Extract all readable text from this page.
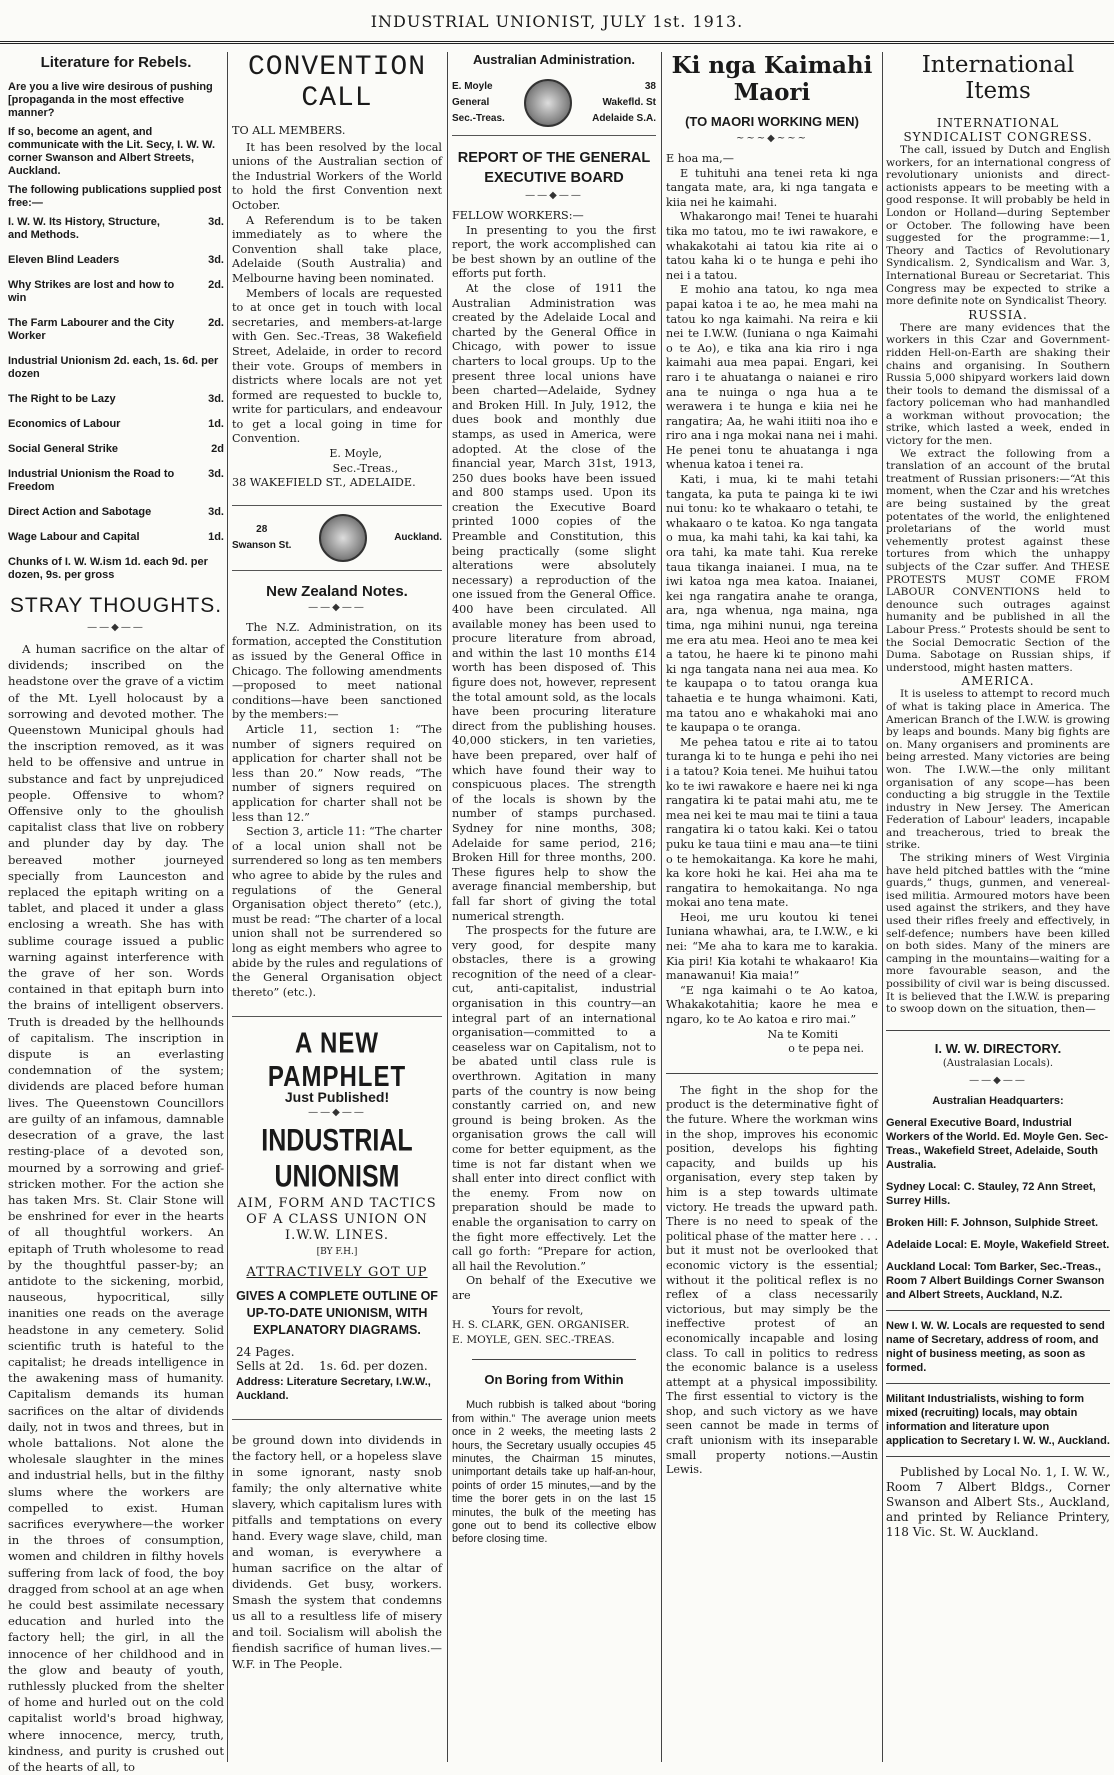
INDUSTRIAL UNIONIST, JULY 1st. 1913.
Literature for Rebels.

Are you a live wire desirous of pushing [propaganda in the most effective manner?

If so, become an agent, and communicate with the Lit. Secy, I. W. W. corner Swanson and Albert Streets, Auckland.

The following publications supplied post free:—

I. W. W. Its History, Structure, and Methods.
3d.
Eleven Blind Leaders	3d.
Why Strikes are lost and how to win
2d.
The Farm Labourer and the City Worker
2d.
Industrial Unionism 2d. each, 1s. 6d. per dozen
The Right to be Lazy	3d.
Economics of Labour	1d.
Social General Strike	2d
Industrial Unionism the Road to Freedom
3d.
Direct Action and Sabotage	3d.
Wage Labour and Capital	1d.
Chunks of I. W. W.ism 1d. each 9d. per dozen, 9s. per gross
STRAY THOUGHTS.
——◆——

A human sacrifice on the altar of dividends; inscribed on the headstone over the grave of a victim of the Mt. Lyell holocaust by a sorrowing and devoted mother. The Queenstown Municipal ghouls had the inscription removed, as it was held to be offensive and untrue in substance and fact by unprejudiced people. Offensive to whom? Offensive only to the ghoulish capitalist class that live on robbery and plunder day by day. The bereaved mother journeyed specially from Launceston and replaced the epitaph writing on a tablet, and placed it under a glass enclosing a wreath. She has with sublime courage issued a public warning against interference with the grave of her son. Words contained in that epitaph burn into the brains of intelligent observers. Truth is dreaded by the hellhounds of capitalism. The inscription in dispute is an everlasting condemnation of the system; dividends are placed before human lives. The Queenstown Councillors are guilty of an infamous, damnable desecration of a grave, the last resting-place of a devoted son, mourned by a sorrowing and grief-stricken mother. For the action she has taken Mrs. St. Clair Stone will be enshrined for ever in the hearts of all thoughtful workers. An epitaph of Truth wholesome to read by the thoughtful passer-by; an antidote to the sickening, morbid, nauseous, hypocritical, silly inanities one reads on the average headstone in any cemetery. Solid scientific truth is hateful to the capitalist; he dreads intelligence in the awakening mass of humanity. Capitalism demands its human sacrifices on the altar of dividends daily, not in twos and threes, but in whole battalions. Not alone the wholesale slaughter in the mines and industrial hells, but in the filthy slums where the workers are compelled to exist. Human sacrifices everywhere—the worker in the throes of consumption, women and children in filthy hovels suffering from lack of food, the boy dragged from school at an age when he could best assimilate necessary education and hurled into the factory hell; the girl, in all the innocence of her childhood and in the glow and beauty of youth, ruthlessly plucked from the shelter of home and hurled out on the cold capitalist world's broad highway, where innocence, mercy, truth, kindness, and purity is crushed out of the hearts of all, to

CONVENTION CALL

TO ALL MEMBERS.

It has been resolved by the local unions of the Australian section of the Industrial Workers of the World to hold the first Convention next October.

A Referendum is to be taken immediately as to where the Convention shall take place, Adelaide (South Australia) and Melbourne having been nominated.

Members of locals are requested to at once get in touch with local secretaries, and members-at-large with Gen. Sec.-Treas, 38 Wakefield Street, Adelaide, in order to record their vote. Groups of members in districts where locals are not yet formed are requested to buckle to, write for particulars, and endeavour to get a local going in time for Convention.

E. Moyle,

Sec.-Treas.,

38 WAKEFIELD ST., ADELAIDE.

28
Swanson St.
Auckland.
New Zealand Notes.
——◆——

The N.Z. Administration, on its formation, accepted the Constitution as issued by the General Office in Chicago. The following amendments—proposed to meet national conditions—have been sanctioned by the members:—

Article 11, section 1: “The number of signers required on application for charter shall not be less than 20.” Now reads, “The number of signers required on application for charter shall not be less than 12.”

Section 3, article 11: “The charter of a local union shall not be surrendered so long as ten members who agree to abide by the rules and regulations of the General Organisation object thereto” (etc.), must be read: “The charter of a local union shall not be surrendered so long as eight members who agree to abide by the rules and regulations of the General Organisation object thereto” (etc.).

A NEW PAMPHLET
Just Published!
——◆——
INDUSTRIAL UNIONISM
AIM, FORM AND TACTICS OF A CLASS UNION ON I.W.W. LINES.
[BY F.H.]
ATTRACTIVELY GOT UP
GIVES A COMPLETE OUTLINE OF UP-TO-DATE UNIONISM, WITH EXPLANATORY DIAGRAMS.
24 Pages.
Sells at 2d.    1s. 6d. per dozen.
Address: Literature Secretary, I.W.W., Auckland.

be ground down into dividends in the factory hell, or a hopeless slave in some ignorant, nasty snob family; the only alternative white slavery, which capitalism lures with pitfalls and temptations on every hand. Every wage slave, child, man and woman, is everywhere a human sacrifice on the altar of dividends. Get busy, workers. Smash the system that condemns us all to a resultless life of misery and toil. Socialism will abolish the fiendish sacrifice of human lives.—W.F. in The People.

Australian Administration.
E. Moyle
General
Sec.-Treas.
38
Wakefld. St
Adelaide S.A.
REPORT OF THE GENERAL EXECUTIVE BOARD
——◆——

FELLOW WORKERS:—

In presenting to you the first report, the work accomplished can be best shown by an outline of the efforts put forth.

At the close of 1911 the Australian Administration was created by the Adelaide Local and charted by the General Office in Chicago, with power to issue charters to local groups. Up to the present three local unions have been charted—Adelaide, Sydney and Broken Hill. In July, 1912, the dues book and monthly due stamps, as used in America, were adopted. At the close of the financial year, March 31st, 1913, 250 dues books have been issued and 800 stamps used. Upon its creation the Executive Board printed 1000 copies of the Preamble and Constitution, this being practically (some slight alterations were absolutely necessary) a reproduction of the one issued from the General Office. 400 have been circulated. All available money has been used to procure literature from abroad, and within the last 10 months £14 worth has been disposed of. This figure does not, however, represent the total amount sold, as the locals have been procuring literature direct from the publishing houses. 40,000 stickers, in ten varieties, have been prepared, over half of which have found their way to conspicuous places. The strength of the locals is shown by the number of stamps purchased. Sydney for nine months, 308; Adelaide for same period, 216; Broken Hill for three months, 200. These figures help to show the average financial membership, but fall far short of giving the total numerical strength.

The prospects for the future are very good, for despite many obstacles, there is a growing recognition of the need of a clear-cut, anti-capitalist, industrial organisation in this country—an integral part of an international organisation—committed to a ceaseless war on Capitalism, not to be abated until class rule is overthrown. Agitation in many parts of the country is now being constantly carried on, and new ground is being broken. As the organisation grows the call will come for better equipment, as the time is not far distant when we shall enter into direct conflict with the enemy. From now on preparation should be made to enable the organisation to carry on the fight more effectively. Let the call go forth: “Prepare for action, all hail the Revolution.”

On behalf of the Executive we are

Yours for revolt,

H. S. CLARK, GEN. ORGANISER.

E. MOYLE, GEN. SEC.-TREAS.

On Boring from Within

Much rubbish is talked about “boring from within.” The average union meets once in 2 weeks, the meeting lasts 2 hours, the Secretary usually occupies 45 minutes, the Chairman 15 minutes, unimportant details take up half-an-hour, points of order 15 minutes,—and by the time the borer gets in on the last 15 minutes, the bulk of the meeting has gone out to bend its collective elbow before closing time.

Ki nga Kaimahi Maori
(TO MAORI WORKING MEN)
~~~◆~~~

E hoa ma,—

E tuhituhi ana tenei reta ki nga tangata mate, ara, ki nga tangata e kiia nei he kaimahi.

Whakarongo mai! Tenei te huarahi tika mo tatou, mo te iwi rawakore, e whakakotahi ai tatou kia rite ai o tatou kaha ki o te hunga e pehi iho nei i a tatou.

E mohio ana tatou, ko nga mea papai katoa i te ao, he mea mahi na tatou ko nga kaimahi. Na reira e kii nei te I.W.W. (Iuniana o nga Kaimahi o te Ao), e tika ana kia riro i nga kaimahi aua mea papai. Engari, kei raro i te ahuatanga o naianei e riro ana te nuinga o nga hua a te werawera i te hunga e kiia nei he rangatira; Aa, he wahi itiiti noa iho e riro ana i nga mokai nana nei i mahi. He penei tonu te ahuatanga i nga whenua katoa i tenei ra.

Kati, i mua, ki te mahi tetahi tangata, ka puta te painga ki te iwi nui tonu: ko te whakaaro o tetahi, te whakaaro o te katoa. Ko nga tangata o mua, ka mahi tahi, ka kai tahi, ka ora tahi, ka mate tahi. Kua rereke taua tikanga inaianei. I mua, na te iwi katoa nga mea katoa. Inaianei, kei nga rangatira anahe te oranga, ara, nga whenua, nga maina, nga tima, nga mihini nunui, nga tereina me era atu mea. Heoi ano te mea kei a tatou, he haere ki te pinono mahi ki nga tangata nana nei aua mea. Ko te kaupapa o to tatou oranga kua tahaetia e te hunga whaimoni. Kati, ma tatou ano e whakahoki mai ano te kaupapa o te oranga.

Me pehea tatou e rite ai to tatou turanga ki to te hunga e pehi iho nei i a tatou? Koia tenei. Me huihui tatou ko te iwi rawakore e haere nei ki nga rangatira ki te patai mahi atu, me te mea nei kei te mau mai te tiini a taua rangatira ki o tatou kaki. Kei o tatou puku ke taua tiini e mau ana—te tiini o te hemokaitanga. Ka kore he mahi, ka kore hoki he kai. Hei aha ma te rangatira to hemokaitanga. No nga mokai ano tena mate.

Heoi, me uru koutou ki tenei Iuniana whawhai, ara, te I.W.W., e ki nei: “Me aha to kara me to karakia. Kia piri! Kia kotahi te whakaaro! Kia manawanui! Kia maia!”

“E nga kaimahi o te Ao katoa, Whakakotahitia; kaore he mea e ngaro, ko te Ao katoa e riro mai.”

Na te Komiti

o te pepa nei.

The fight in the shop for the product is the determinative fight of the future. Where the workman wins in the shop, improves his economic position, develops his fighting capacity, and builds up his organisation, every step taken by him is a step towards ultimate victory. He treads the upward path. There is no need to speak of the political phase of the matter here . . . but it must not be overlooked that economic victory is the essential; without it the political reflex is no reflex of a class necessarily victorious, but may simply be the ineffective protest of an economically incapable and losing class. To call in politics to redress the economic balance is a useless attempt at a physical impossibility. The first essential to victory is the shop, and such victory as we have seen cannot be made in terms of craft unionism with its inseparable small property notions.—Austin Lewis.

International Items
INTERNATIONAL SYNDICALIST CONGRESS.

The call, issued by Dutch and English workers, for an international congress of revolutionary unionists and direct-actionists appears to be meeting with a good response. It will probably be held in London or Holland—during September or October. The following have been suggested for the programme:—1, Theory and Tactics of Revolutionary Syndicalism. 2, Syndicalism and War. 3, International Bureau or Secretariat. This Congress may be expected to strike a more definite note on Syndicalist Theory.

RUSSIA.

There are many evidences that the workers in this Czar and Government-ridden Hell-on-Earth are shaking their chains and organising. In Southern Russia 5,000 shipyard workers laid down their tools to demand the dismissal of a factory policeman who had manhandled a workman without provocation; the strike, which lasted a week, ended in victory for the men.

We extract the following from a translation of an account of the brutal treatment of Russian prisoners:—“At this moment, when the Czar and his wretches are being sustained by the great potentates of the world, the enlightened proletarians of the world must vehemently protest against these tortures from which the unhappy subjects of the Czar suffer. And THESE PROTESTS MUST COME FROM LABOUR CONVENTIONS held to denounce such outrages against humanity and be published in all the Labour Press.” Protests should be sent to the Social Democratic Section of the Duma. Sabotage on Russian ships, if understood, might hasten matters.

AMERICA.

It is useless to attempt to record much of what is taking place in America. The American Branch of the I.W.W. is growing by leaps and bounds. Many big fights are on. Many organisers and prominents are being arrested. Many victories are being won. The I.W.W.—the only militant organisation of any scope—has been conducting a big struggle in the Textile industry in New Jersey. The American Federation of Labour' leaders, incapable and treacherous, tried to break the strike.

The striking miners of West Virginia have held pitched battles with the “mine guards,” thugs, gunmen, and venereal-ised militia. Armoured motors have been used against the strikers, and they have used their rifles freely and effectively, in self-defence; numbers have been killed on both sides. Many of the miners are camping in the mountains—waiting for a more favourable season, and the possibility of civil war is being discussed. It is believed that the I.W.W. is preparing to swoop down on the situation, then—

I. W. W. DIRECTORY.
(Australasian Locals).
——◆——

Australian Headquarters:

General Executive Board, Industrial Workers of the World. Ed. Moyle Gen. Sec-Treas., Wakefield Street, Adelaide, South Australia.

Sydney Local: C. Stauley, 72 Ann Street, Surrey Hills.

Broken Hill: F. Johnson, Sulphide Street.

Adelaide Local: E. Moyle, Wakefield Street.

Auckland Local: Tom Barker, Sec.-Treas., Room 7 Albert Buildings Corner Swanson and Albert Streets, Auckland, N.Z.

New I. W. W. Locals are requested to send name of Secretary, address of room, and night of business meeting, as soon as formed.

Militant Industrialists, wishing to form mixed (recruiting) locals, may obtain information and literature upon application to Secretary I. W. W., Auckland.

Published by Local No. 1, I. W. W., Room 7 Albert Bldgs., Corner Swanson and Albert Sts., Auckland, and printed by Reliance Printery, 118 Vic. St. W. Auckland.
